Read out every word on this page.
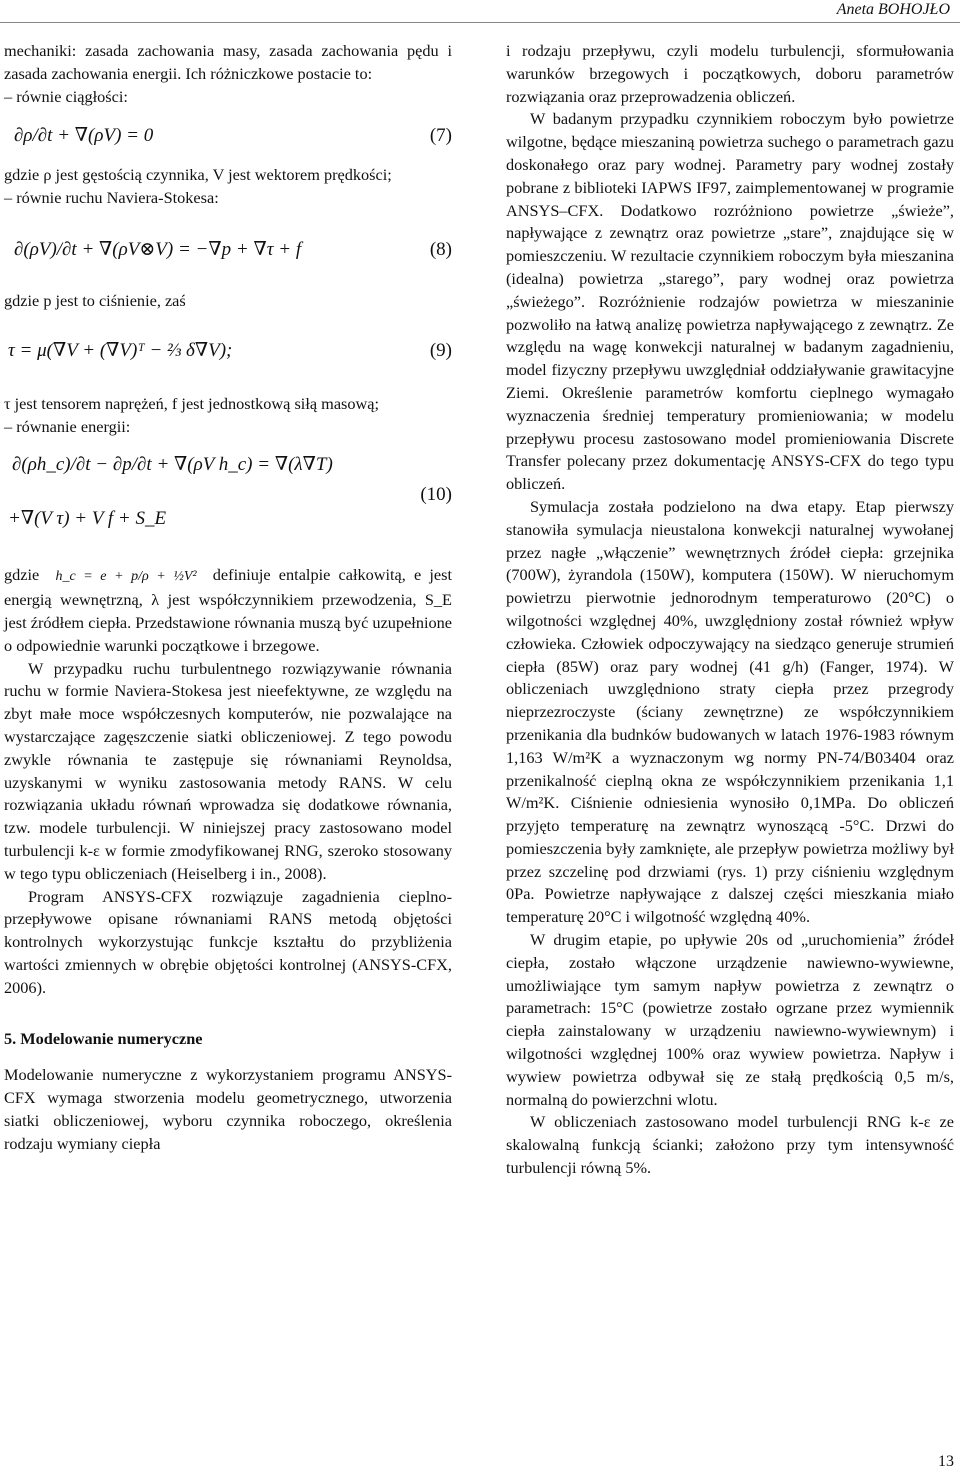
Aneta BOHOJŁO

mechaniki: zasada zachowania masy, zasada zachowania pędu i zasada zachowania energii. Ich różniczkowe postacie to:

– równie ciągłości:

∂ρ/∂t + ∇(ρV) = 0	(7)

gdzie ρ jest gęstością czynnika, V jest wektorem prędkości;

– równie ruchu Naviera-Stokesa:

∂(ρV)/∂t + ∇(ρV⊗V) = −∇p + ∇τ + f	(8)

gdzie p jest to ciśnienie, zaś

τ = μ(∇V + (∇V)ᵀ − ⅔ δ∇V);	(9)

τ jest tensorem naprężeń, f jest jednostkową siłą masową;

– równanie energii:

∂(ρh_c)/∂t − ∂p/∂t + ∇(ρV h_c) = ∇(λ∇T)
+∇(V τ) + V f + S_E
(10)

gdzie h_c = e + p/ρ + ½V² definiuje entalpie całkowitą, e jest energią wewnętrzną, λ jest współczynnikiem przewodzenia, S_E jest źródłem ciepła. Przedstawione równania muszą być uzupełnione o odpowiednie warunki początkowe i brzegowe.

W przypadku ruchu turbulentnego rozwiązywanie równania ruchu w formie Naviera-Stokesa jest nieefektywne, ze względu na zbyt małe moce współczesnych komputerów, nie pozwalające na wystarczające zagęszczenie siatki obliczeniowej. Z tego powodu zwykle równania te zastępuje się równaniami Reynoldsa, uzyskanymi w wyniku zastosowania metody RANS. W celu rozwiązania układu równań wprowadza się dodatkowe równania, tzw. modele turbulencji. W niniejszej pracy zastosowano model turbulencji k-ε w formie zmodyfikowanej RNG, szeroko stosowany w tego typu obliczeniach (Heiselberg i in., 2008).

Program ANSYS-CFX rozwiązuje zagadnienia cieplno-przepływowe opisane równaniami RANS metodą objętości kontrolnych wykorzystując funkcje kształtu do przybliżenia wartości zmiennych w obrębie objętości kontrolnej (ANSYS-CFX, 2006).

5. Modelowanie numeryczne

Modelowanie numeryczne z wykorzystaniem programu ANSYS-CFX wymaga stworzenia modelu geometrycznego, utworzenia siatki obliczeniowej, wyboru czynnika roboczego, określenia rodzaju wymiany ciepła

i rodzaju przepływu, czyli modelu turbulencji, sformułowania warunków brzegowych i początkowych, doboru parametrów rozwiązania oraz przeprowadzenia obliczeń.

W badanym przypadku czynnikiem roboczym było powietrze wilgotne, będące mieszaniną powietrza suchego o parametrach gazu doskonałego oraz pary wodnej. Parametry pary wodnej zostały pobrane z biblioteki IAPWS IF97, zaimplementowanej w programie ANSYS–CFX. Dodatkowo rozróżniono powietrze „świeże”, napływające z zewnątrz oraz powietrze „stare”, znajdujące się w pomieszczeniu. W rezultacie czynnikiem roboczym była mieszanina (idealna) powietrza „starego”, pary wodnej oraz powietrza „świeżego”. Rozróżnienie rodzajów powietrza w mieszaninie pozwoliło na łatwą analizę powietrza napływającego z zewnątrz. Ze względu na wagę konwekcji naturalnej w badanym zagadnieniu, model fizyczny przepływu uwzględniał oddziaływanie grawitacyjne Ziemi. Określenie parametrów komfortu cieplnego wymagało wyznaczenia średniej temperatury promieniowania; w modelu przepływu procesu zastosowano model promieniowania Discrete Transfer polecany przez dokumentację ANSYS-CFX do tego typu obliczeń.

Symulacja została podzielono na dwa etapy. Etap pierwszy stanowiła symulacja nieustalona konwekcji naturalnej wywołanej przez nagłe „włączenie” wewnętrznych źródeł ciepła: grzejnika (700W), żyrandola (150W), komputera (150W). W nieruchomym powietrzu pierwotnie jednorodnym temperaturowo (20°C) o wilgotności względnej 40%, uwzględniony został również wpływ człowieka. Człowiek odpoczywający na siedząco generuje strumień ciepła (85W) oraz pary wodnej (41 g/h) (Fanger, 1974). W obliczeniach uwzględniono straty ciepła przez przegrody nieprzezroczyste (ściany zewnętrzne) ze współczynnikiem przenikania dla budnków budowanych w latach 1976-1983 równym 1,163 W/m²K a wyznaczonym wg normy PN-74/B03404 oraz przenikalność cieplną okna ze współczynnikiem przenikania 1,1 W/m²K. Ciśnienie odniesienia wynosiło 0,1MPa. Do obliczeń przyjęto temperaturę na zewnątrz wynoszącą -5°C. Drzwi do pomieszczenia były zamknięte, ale przepływ powietrza możliwy był przez szczelinę pod drzwiami (rys. 1) przy ciśnieniu względnym 0Pa. Powietrze napływające z dalszej części mieszkania miało temperaturę 20°C i wilgotność względną 40%.

W drugim etapie, po upływie 20s od „uruchomienia” źródeł ciepła, zostało włączone urządzenie nawiewno-wywiewne, umożliwiające tym samym napływ powietrza z zewnątrz o parametrach: 15°C (powietrze zostało ogrzane przez wymiennik ciepła zainstalowany w urządzeniu nawiewno-wywiewnym) i wilgotności względnej 100% oraz wywiew powietrza. Napływ i wywiew powietrza odbywał się ze stałą prędkością 0,5 m/s, normalną do powierzchni wlotu.

W obliczeniach zastosowano model turbulencji RNG k-ε ze skalowalną funkcją ścianki; założono przy tym intensywność turbulencji równą 5%.

13
